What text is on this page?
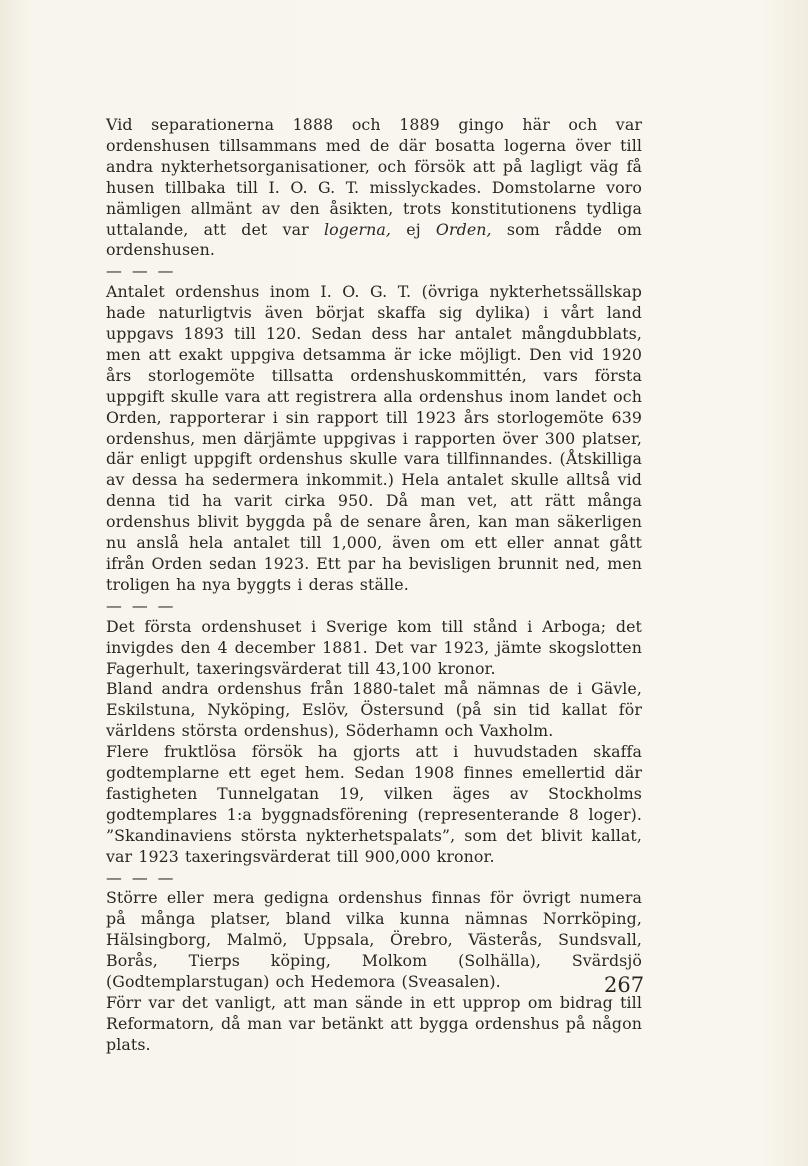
Vid separationerna 1888 och 1889 gingo här och var ordenshusen tillsammans med de där bosatta logerna över till andra nykterhetsorganisationer, och försök att på lagligt väg få husen tillbaka till I. O. G. T. misslyckades. Domstolarne voro nämligen allmänt av den åsikten, trots konstitutionens tydliga uttalande, att det var logerna, ej Orden, som rådde om ordenshusen.

— — —

Antalet ordenshus inom I. O. G. T. (övriga nykterhetssällskap hade naturligtvis även börjat skaffa sig dylika) i vårt land uppgavs 1893 till 120. Sedan dess har antalet mångdubblats, men att exakt uppgiva detsamma är icke möjligt. Den vid 1920 års storlogemöte tillsatta ordenshuskommittén, vars första uppgift skulle vara att registrera alla ordenshus inom landet och Orden, rapporterar i sin rapport till 1923 års storlogemöte 639 ordenshus, men därjämte uppgivas i rapporten över 300 platser, där enligt uppgift ordenshus skulle vara tillfinnandes. (Åtskilliga av dessa ha sedermera inkommit.) Hela antalet skulle alltså vid denna tid ha varit cirka 950. Då man vet, att rätt många ordenshus blivit byggda på de senare åren, kan man säkerligen nu anslå hela antalet till 1,000, även om ett eller annat gått ifrån Orden sedan 1923. Ett par ha bevisligen brunnit ned, men troligen ha nya byggts i deras ställe.

— — —

Det första ordenshuset i Sverige kom till stånd i Arboga; det invigdes den 4 december 1881. Det var 1923, jämte skogslotten Fagerhult, taxeringsvärderat till 43,100 kronor.

Bland andra ordenshus från 1880-talet må nämnas de i Gävle, Eskilstuna, Nyköping, Eslöv, Östersund (på sin tid kallat för världens största ordenshus), Söderhamn och Vaxholm.

Flere fruktlösa försök ha gjorts att i huvudstaden skaffa godtemplarne ett eget hem. Sedan 1908 finnes emellertid där fastigheten Tunnelgatan 19, vilken äges av Stockholms godtemplares 1:a byggnadsförening (representerande 8 loger). ”Skandinaviens största nykterhetspalats”, som det blivit kallat, var 1923 taxeringsvärderat till 900,000 kronor.

— — —

Större eller mera gedigna ordenshus finnas för övrigt numera på många platser, bland vilka kunna nämnas Norrköping, Hälsingborg, Malmö, Uppsala, Örebro, Västerås, Sundsvall, Borås, Tierps köping, Molkom (Solhälla), Svärdsjö (Godtemplarstugan) och Hedemora (Sveasalen).

Förr var det vanligt, att man sände in ett upprop om bidrag till Reformatorn, då man var betänkt att bygga ordenshus på någon plats.

267
